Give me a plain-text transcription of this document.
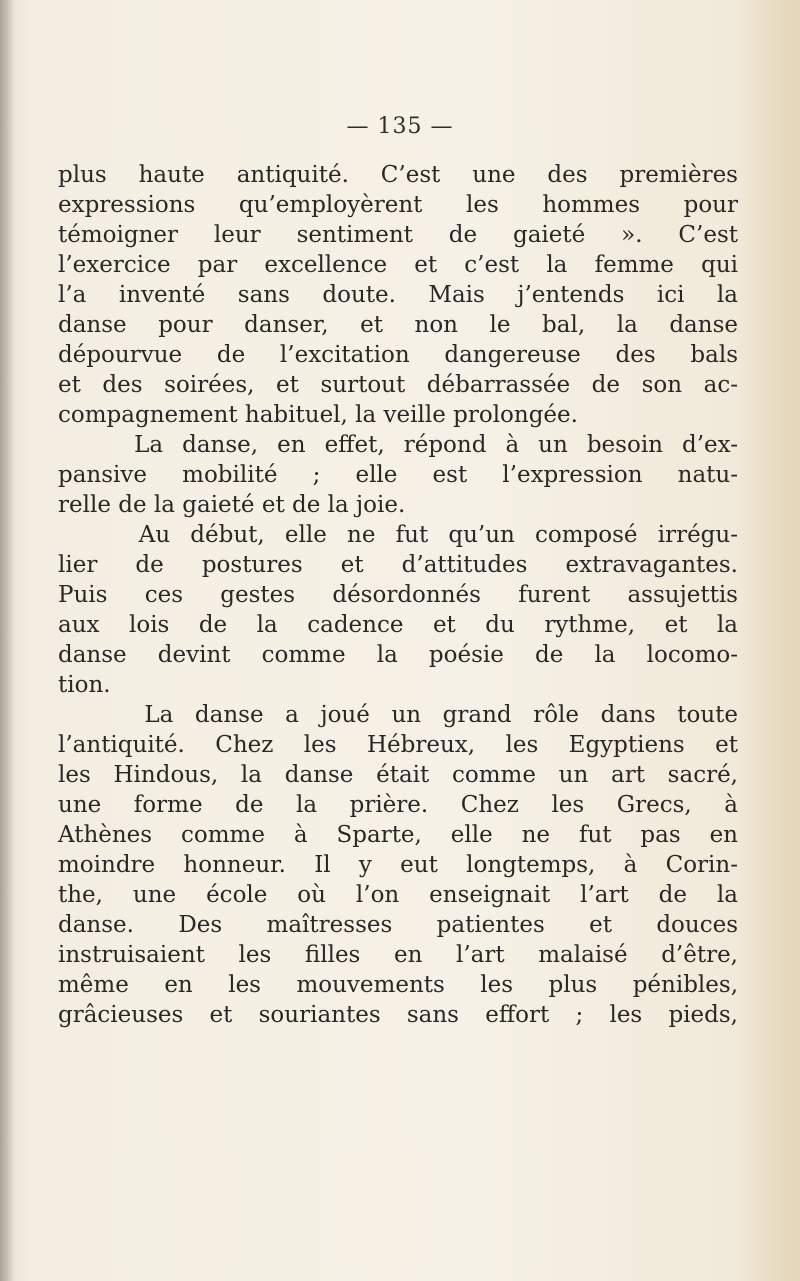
— 135 —
plus haute antiquité. C’est une des premières
expressions qu’employèrent les hommes pour
témoigner leur sentiment de gaieté ». C’est
l’exercice par excellence et c’est la femme qui
l’a inventé sans doute. Mais j’entends ici la
danse pour danser, et non le bal, la danse
dépourvue de l’excitation dangereuse des bals
et des soirées, et surtout débarrassée de son ac-
compagnement habituel, la veille prolongée.
La danse, en effet, répond à un besoin d’ex-
pansive mobilité ; elle est l’expression natu-
relle de la gaieté et de la joie.
Au début, elle ne fut qu’un composé irrégu-
lier de postures et d’attitudes extravagantes.
Puis ces gestes désordonnés furent assujettis
aux lois de la cadence et du rythme, et la
danse devint comme la poésie de la locomo-
tion.
La danse a joué un grand rôle dans toute
l’antiquité. Chez les Hébreux, les Egyptiens et
les Hindous, la danse était comme un art sacré,
une forme de la prière. Chez les Grecs, à
Athènes comme à Sparte, elle ne fut pas en
moindre honneur. Il y eut longtemps, à Corin-
the, une école où l’on enseignait l’art de la
danse. Des maîtresses patientes et douces
instruisaient les filles en l’art malaisé d’être,
même en les mouvements les plus pénibles,
grâcieuses et souriantes sans effort ; les pieds,
